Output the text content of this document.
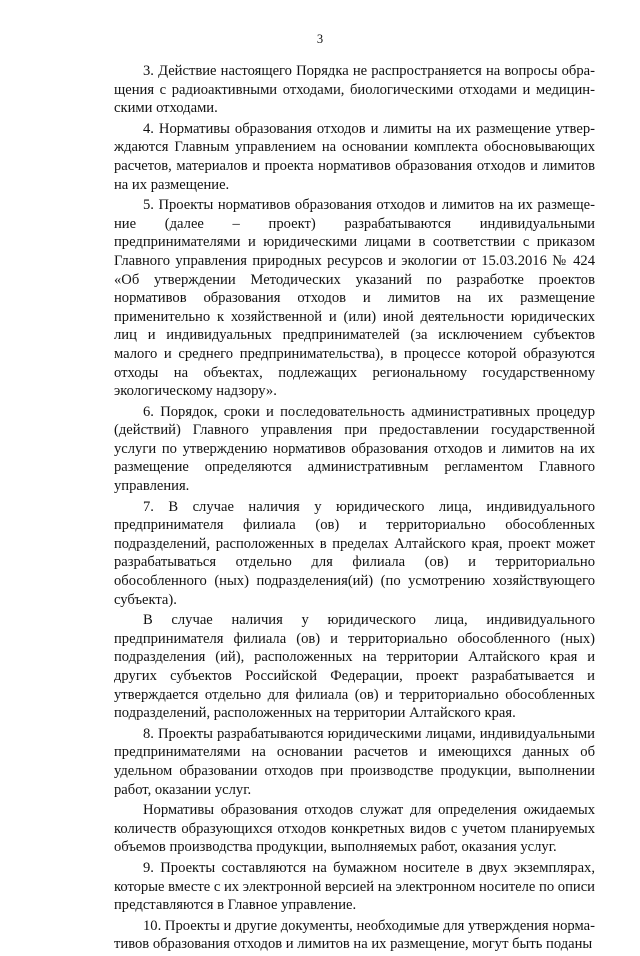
3

3. Действие настоящего Порядка не распространяется на вопросы обращения с радиоактивными отходами, биологическими отходами и медицинскими отходами.

4. Нормативы образования отходов и лимиты на их размещение утверждаются Главным управлением на основании комплекта обосновывающих расчетов, материалов и проекта нормативов образования отходов и лимитов на их размещение.

5. Проекты нормативов образования отходов и лимитов на их размещение (далее – проект) разрабатываются индивидуальными предпринимателями и юридическими лицами в соответствии с приказом Главного управления природных ресурсов и экологии от 15.03.2016 № 424 «Об утверждении Методических указаний по разработке проектов нормативов образования отходов и лимитов на их размещение применительно к хозяйственной и (или) иной деятельности юридических лиц и индивидуальных предпринимателей (за исключением субъектов малого и среднего предпринимательства), в процессе которой образуются отходы на объектах, подлежащих региональному государственному экологическому надзору».

6. Порядок, сроки и последовательность административных процедур (действий) Главного управления при предоставлении государственной услуги по утверждению нормативов образования отходов и лимитов на их размещение определяются административным регламентом Главного управления.

7. В случае наличия у юридического лица, индивидуального предпринимателя филиала (ов) и территориально обособленных подразделений, расположенных в пределах Алтайского края, проект может разрабатываться отдельно для филиала (ов) и территориально обособленного (ных) подразделения(ий) (по усмотрению хозяйствующего субъекта).

В случае наличия у юридического лица, индивидуального предпринимателя филиала (ов) и территориально обособленного (ных) подразделения (ий), расположенных на территории Алтайского края и других субъектов Российской Федерации, проект разрабатывается и утверждается отдельно для филиала (ов) и территориально обособленных подразделений, расположенных на территории Алтайского края.

8. Проекты разрабатываются юридическими лицами, индивидуальными предпринимателями на основании расчетов и имеющихся данных об удельном образовании отходов при производстве продукции, выполнении работ, оказании услуг.

Нормативы образования отходов служат для определения ожидаемых количеств образующихся отходов конкретных видов с учетом планируемых объемов производства продукции, выполняемых работ, оказания услуг.

9. Проекты составляются на бумажном носителе в двух экземплярах, которые вместе с их электронной версией на электронном носителе по описи представляются в Главное управление.

10. Проекты и другие документы, необходимые для утверждения нормативов образования отходов и лимитов на их размещение, могут быть поданы
